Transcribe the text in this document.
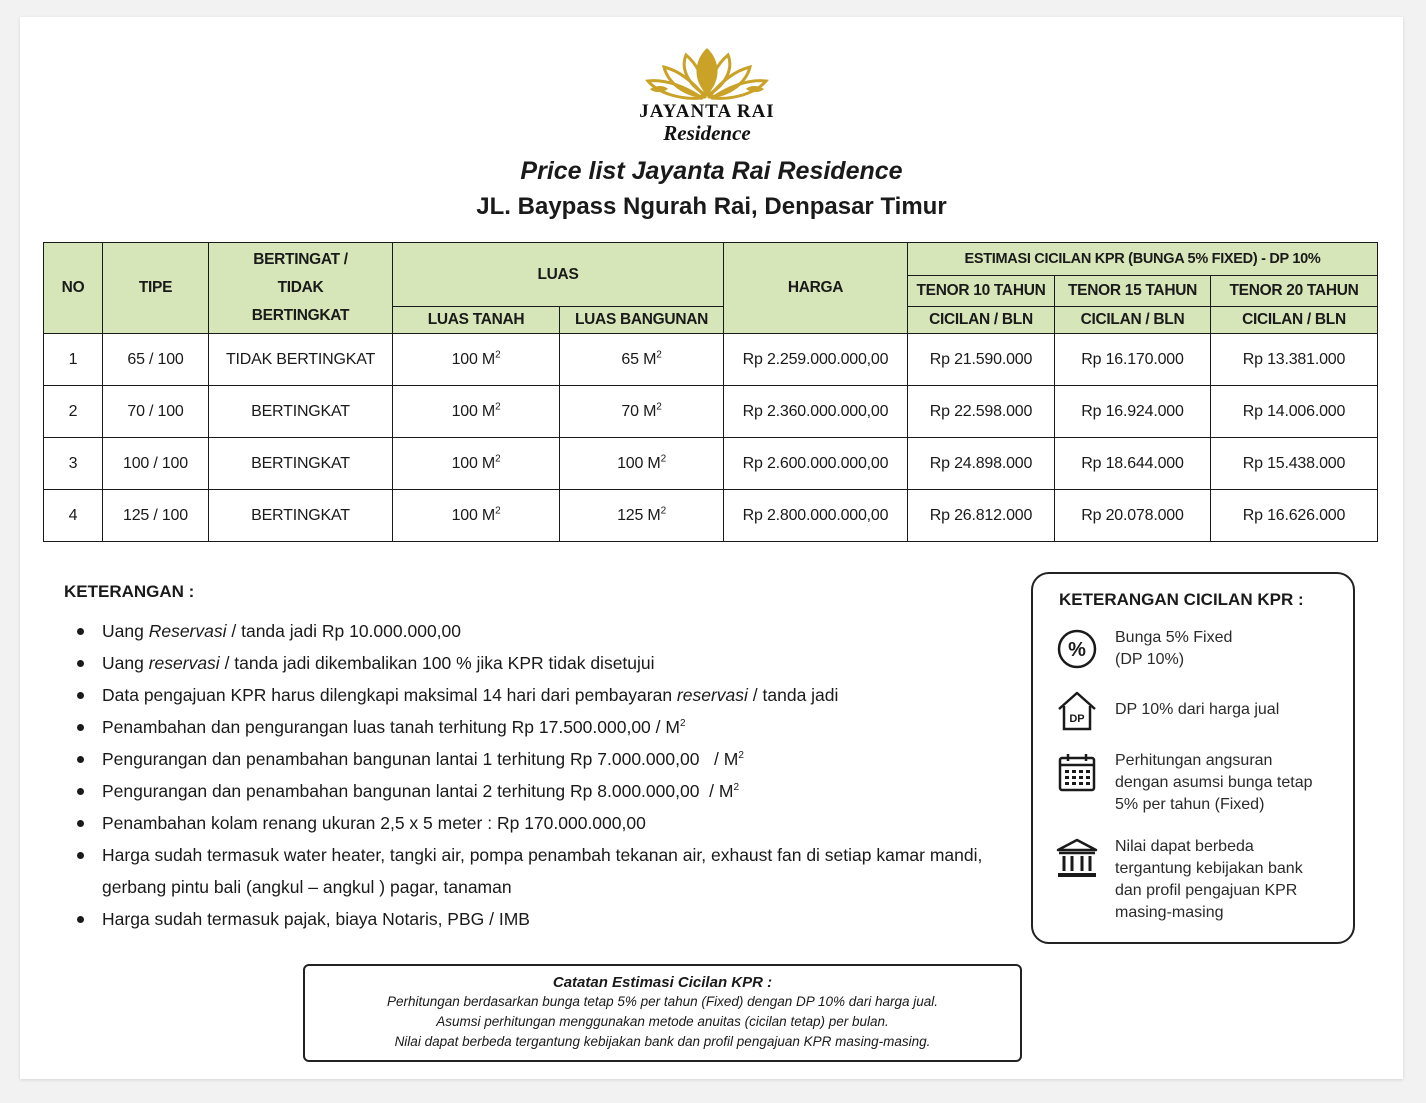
JAYANTA RAI
Residence
Price list Jayanta Rai Residence
JL. Baypass Ngurah Rai, Denpasar Timur
NO	TIPE	BERTINGAT / TIDAK BERTINGKAT	LUAS		HARGA	ESTIMASI CICILAN KPR (BUNGA 5% FIXED) - DP 10%		
						TENOR 10 TAHUN	TENOR 15 TAHUN	TENOR 20 TAHUN
			LUAS TANAH	LUAS BANGUNAN		CICILAN / BLN	CICILAN / BLN	CICILAN / BLN
1	65 / 100	TIDAK BERTINGKAT	100 $M^2$	65 $M^2$	Rp 2.259.000.000,00	Rp 21.590.000	Rp 16.170.000	Rp 13.381.000
2	70 / 100	BERTINGKAT	100 $M^2$	70 $M^2$	Rp 2.360.000.000,00	Rp 22.598.000	Rp 16.924.000	Rp 14.006.000
3	100 / 100	BERTINGKAT	100 $M^2$	100 $M^2$	Rp 2.600.000.000,00	Rp 24.898.000	Rp 18.644.000	Rp 15.438.000
4	125 / 100	BERTINGKAT	100 $M^2$	125 $M^2$	Rp 2.800.000.000,00	Rp 26.812.000	Rp 20.078.000	Rp 16.626.000
KETERANGAN :
Uang Reservasi / tanda jadi Rp 10.000.000,00
Uang reservasi / tanda jadi dikembalikan 100 % jika KPR tidak disetujui
Data pengajuan KPR harus dilengkapi maksimal 14 hari dari pembayaran reservasi / tanda jadi
Penambahan dan pengurangan luas tanah terhitung Rp $17.500.000,00 / M^2$
Pengurangan dan penambahan bangunan lantai 1 terhitung Rp $7.000.000,00 / M^2$
Pengurangan dan penambahan bangunan lantai 2 terhitung Rp $8.000.000,00 / M^2$
Penambahan kolam renang ukuran 2,5 x 5 meter : Rp 170.000.000,00
Harga sudah termasuk water heater, tangki air, pompa penambah tekanan air, exhaust fan di setiap kamar mandi, gerbang pintu bali (angkul – angkul ) pagar, tanaman
Harga sudah termasuk pajak, biaya Notaris, PBG / IMB
KETERANGAN CICILAN KPR :
%
Bunga 5% Fixed (DP 10%)
DP
DP 10% dari harga jual
Perhitungan angsuran dengan asumsi bunga tetap 5% per tahun (Fixed)
Nilai dapat berbeda tergantung kebijakan bank dan profil pengajuan KPR masing-masing
Catatan Estimasi Cicilan KPR :
Perhitungan berdasarkan bunga tetap 5% per tahun (Fixed) dengan DP 10% dari harga jual.
Asumsi perhitungan menggunakan metode anuitas (cicilan tetap) per bulan.
Nilai dapat berbeda tergantung kebijakan bank dan profil pengajuan KPR masing-masing.
